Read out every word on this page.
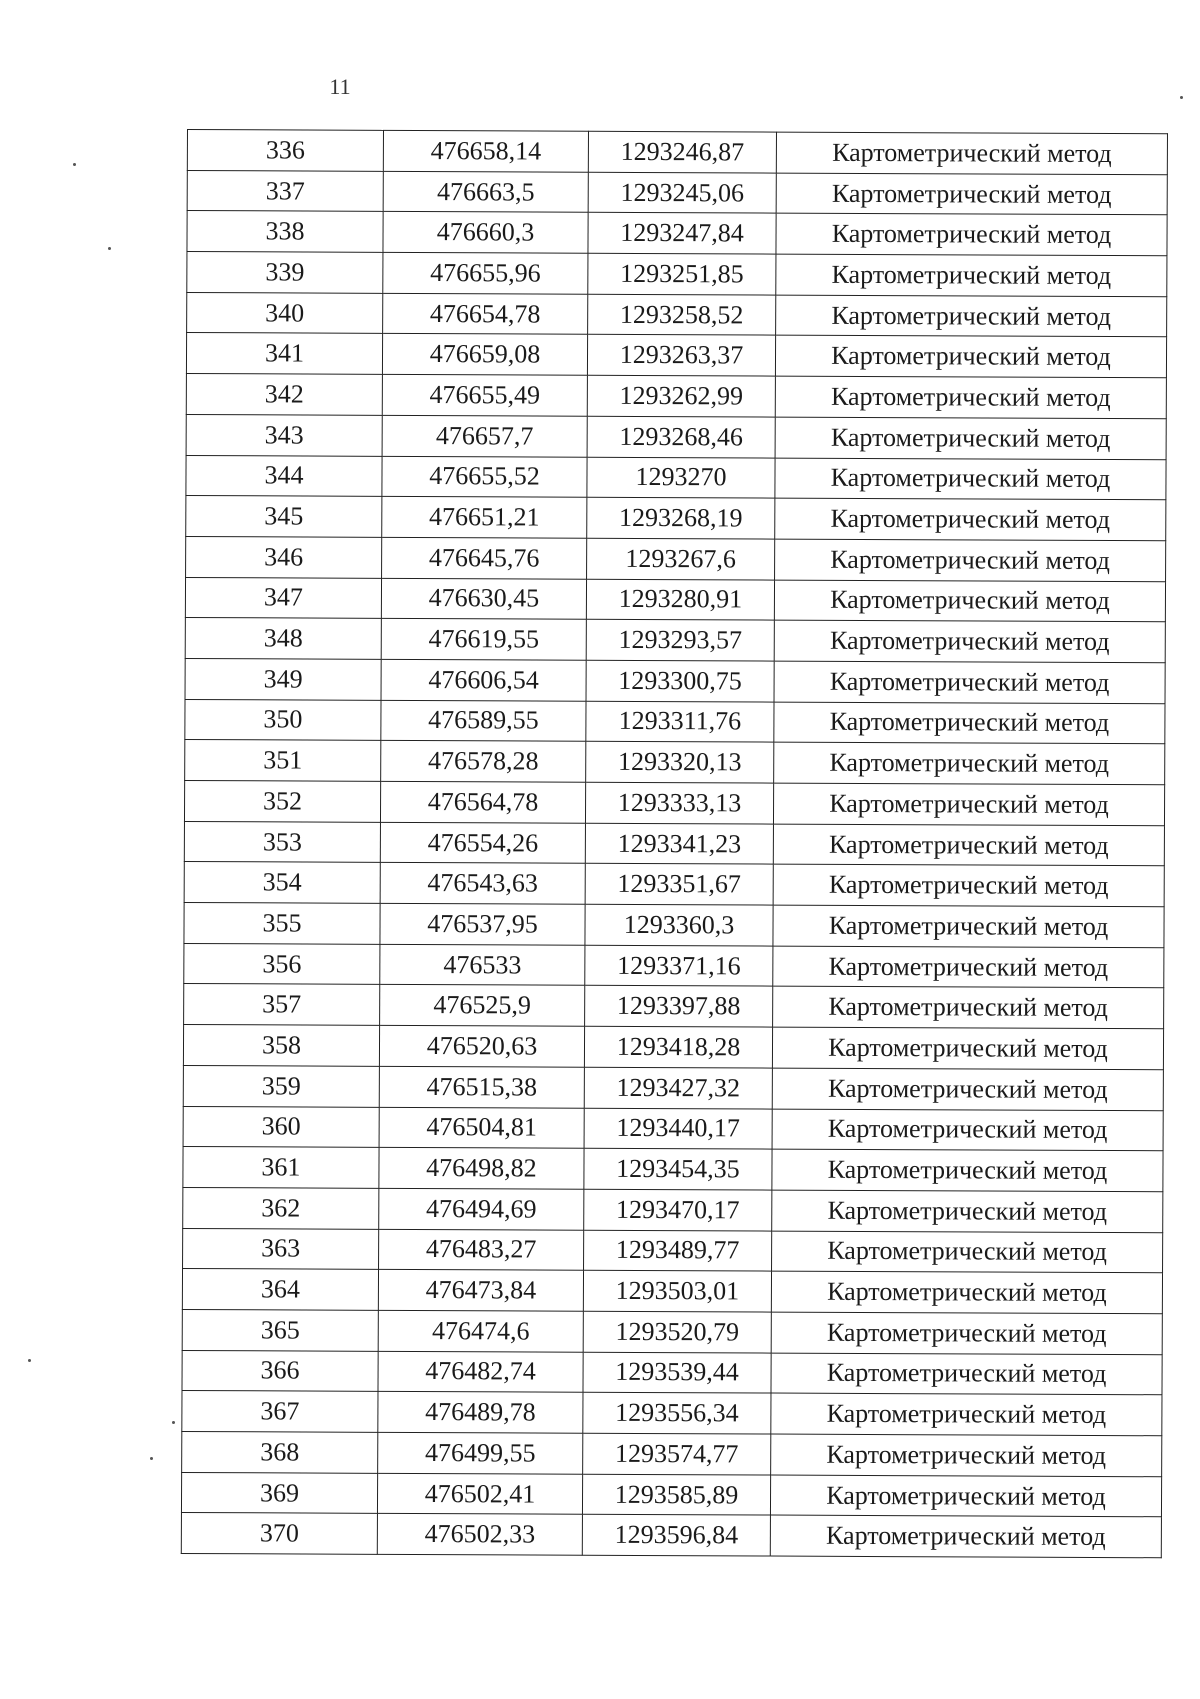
11
336	476658,14	1293246,87	Картометрический метод
337	476663,5	1293245,06	Картометрический метод
338	476660,3	1293247,84	Картометрический метод
339	476655,96	1293251,85	Картометрический метод
340	476654,78	1293258,52	Картометрический метод
341	476659,08	1293263,37	Картометрический метод
342	476655,49	1293262,99	Картометрический метод
343	476657,7	1293268,46	Картометрический метод
344	476655,52	1293270	Картометрический метод
345	476651,21	1293268,19	Картометрический метод
346	476645,76	1293267,6	Картометрический метод
347	476630,45	1293280,91	Картометрический метод
348	476619,55	1293293,57	Картометрический метод
349	476606,54	1293300,75	Картометрический метод
350	476589,55	1293311,76	Картометрический метод
351	476578,28	1293320,13	Картометрический метод
352	476564,78	1293333,13	Картометрический метод
353	476554,26	1293341,23	Картометрический метод
354	476543,63	1293351,67	Картометрический метод
355	476537,95	1293360,3	Картометрический метод
356	476533	1293371,16	Картометрический метод
357	476525,9	1293397,88	Картометрический метод
358	476520,63	1293418,28	Картометрический метод
359	476515,38	1293427,32	Картометрический метод
360	476504,81	1293440,17	Картометрический метод
361	476498,82	1293454,35	Картометрический метод
362	476494,69	1293470,17	Картометрический метод
363	476483,27	1293489,77	Картометрический метод
364	476473,84	1293503,01	Картометрический метод
365	476474,6	1293520,79	Картометрический метод
366	476482,74	1293539,44	Картометрический метод
367	476489,78	1293556,34	Картометрический метод
368	476499,55	1293574,77	Картометрический метод
369	476502,41	1293585,89	Картометрический метод
370	476502,33	1293596,84	Картометрический метод
